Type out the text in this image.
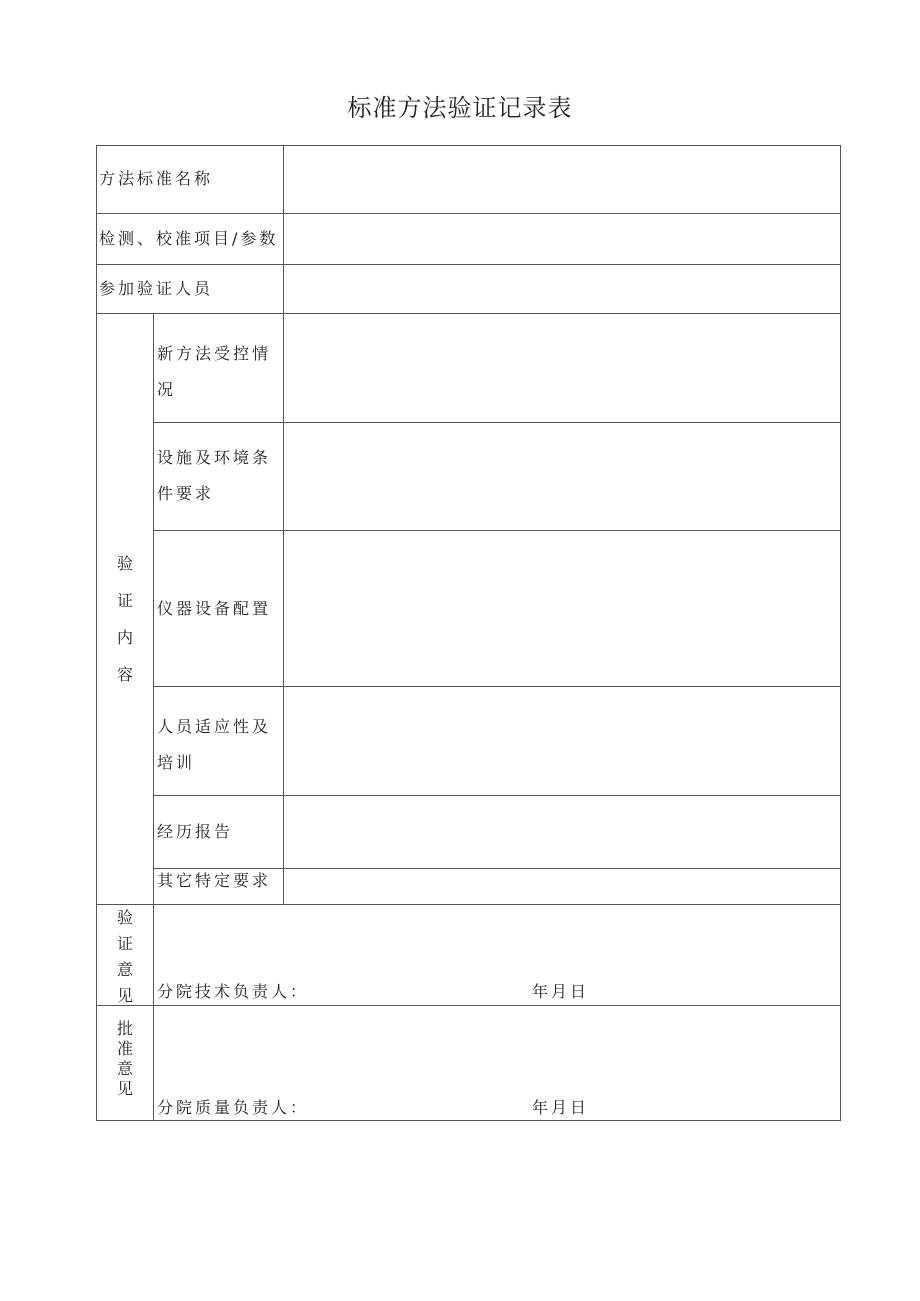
标准方法验证记录表
方法标准名称
检测、校准项目/参数
参加验证人员
验
证
内
容
新方法受控情
况
设施及环境条
件要求
仪器设备配置
人员适应性及
培训
经历报告
其它特定要求
验
证
意
见 分院技术负责人：	年月日
批
准
意
见
分院质量负责人：	年月日
